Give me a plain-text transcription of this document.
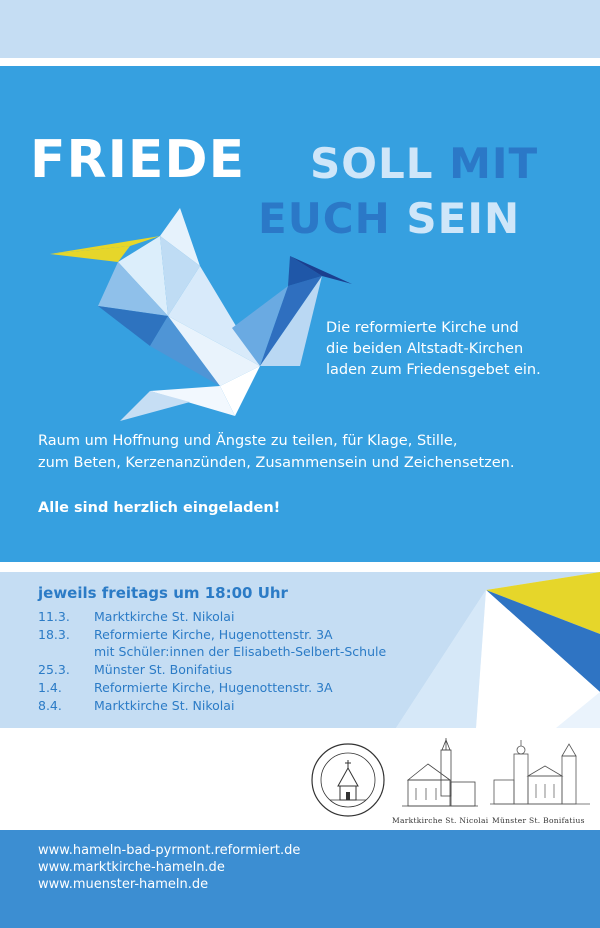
FRIEDE SOLL MIT
EUCH SEIN
Die reformierte Kirche und
die beiden Altstadt-Kirchen
laden zum Friedensgebet ein.
Raum um Hoffnung und Ängste zu teilen, für Klage, Stille,
zum Beten, Kerzenanzünden, Zusammensein und Zeichensetzen.
Alle sind herzlich eingeladen!
jeweils freitags um 18:00 Uhr
11.3.	Marktkirche St. Nikolai
18.3.	Reformierte Kirche, Hugenottenstr. 3A
mit Schüler:innen der Elisabeth-Selbert-Schule
25.3.	Münster St. Bonifatius
1.4.	Reformierte Kirche, Hugenottenstr. 3A
8.4.	Marktkirche St. Nikolai
Marktkirche St. Nicolai Münster St. Bonifatius
www.hameln-bad-pyrmont.reformiert.de
www.marktkirche-hameln.de
www.muenster-hameln.de
